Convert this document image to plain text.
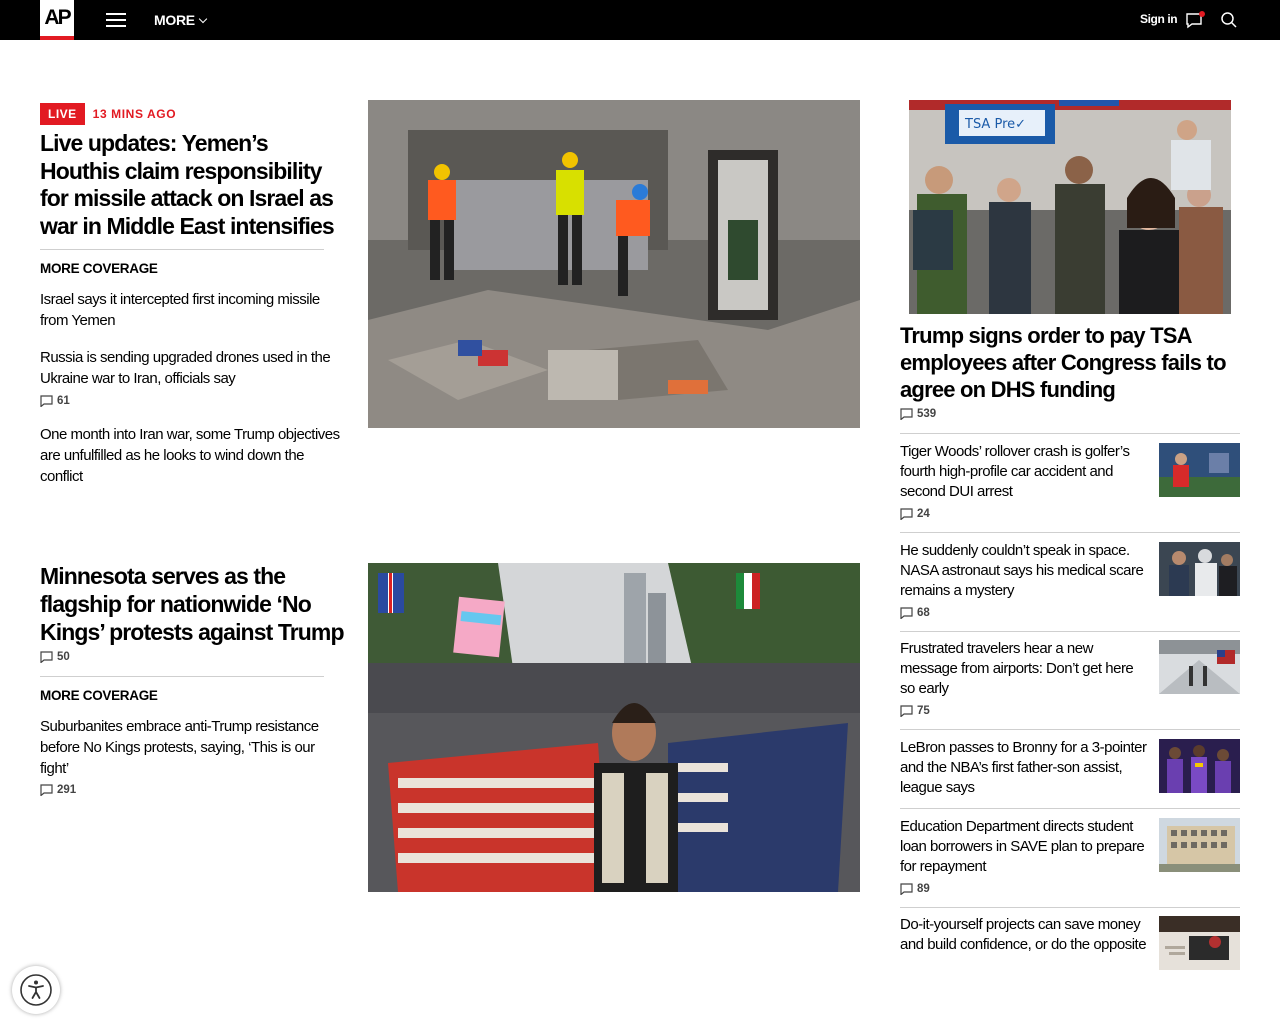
AP	MORE	Sign in
LIVE	13 MINS AGO
Live updates: Yemen’s Houthis claim responsibility for missile attack on Israel as war in Middle East intensifies
MORE COVERAGE
Israel says it intercepted first incoming missile from Yemen
Russia is sending upgraded drones used in the Ukraine war to Iran, officials say
61
One month into Iran war, some Trump objectives are unfulfilled as he looks to wind down the conflict
Minnesota serves as the flagship for nationwide ‘No Kings’ protests against Trump
50
MORE COVERAGE
Suburbanites embrace anti-Trump resistance before No Kings protests, saying, ‘This is our fight’
291
TSA Pre✓
Trump signs order to pay TSA employees after Congress fails to agree on DHS funding
539
Tiger Woods’ rollover crash is golfer’s fourth high-profile car accident and second DUI arrest
24
He suddenly couldn’t speak in space. NASA astronaut says his medical scare remains a mystery
68
Frustrated travelers hear a new message from airports: Don’t get here so early
75
LeBron passes to Bronny for a 3-pointer and the NBA’s first father-son assist, league says
Education Department directs student loan borrowers in SAVE plan to prepare for repayment
89
Do-it-yourself projects can save money and build confidence, or do the opposite
